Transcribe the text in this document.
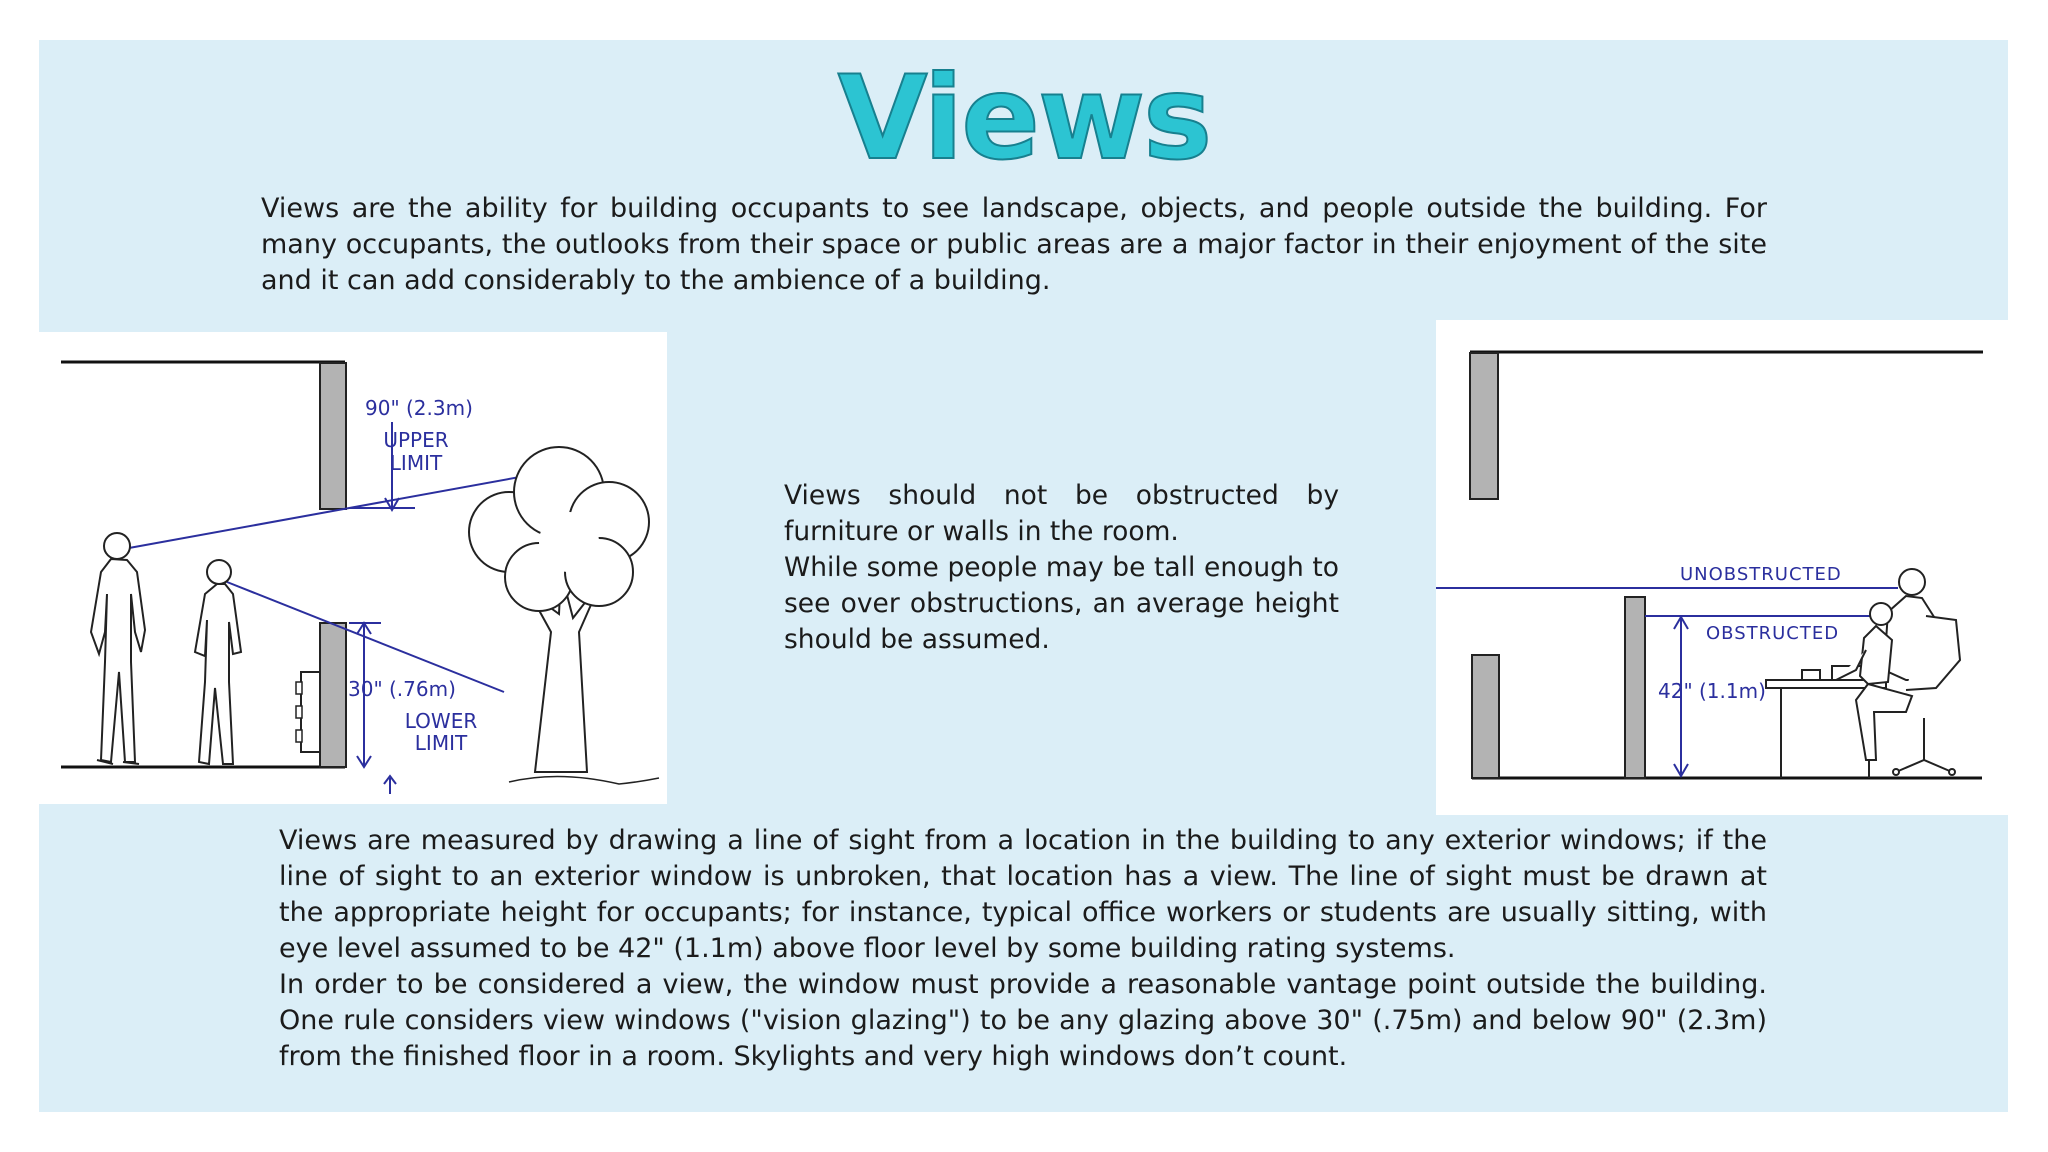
Views

Views are the ability for building occupants to see landscape, objects, and people outside the building. For many occupants, the outlooks from their space or public areas are a major factor in their enjoyment of the site and it can add considerably to the ambience of a building.

90" (2.3m)
UPPER
LIMIT
30" (.76m)
LOWER
LIMIT
Views should not be obstructed by furniture or walls in the room.
While some people may be tall enough to see over obstructions, an average height should be assumed.
UNOBSTRUCTED
OBSTRUCTED
42" (1.1m)
Views are measured by drawing a line of sight from a location in the building to any exterior windows; if the line of sight to an exterior window is unbroken, that location has a view. The line of sight must be drawn at the appropriate height for occupants; for instance, typical office workers or students are usually sitting, with eye level assumed to be 42" (1.1m) above floor level by some building rating systems.
In order to be considered a view, the window must provide a reasonable vantage point outside the building. One rule considers view windows ("vision glazing") to be any glazing above 30" (.75m) and below 90" (2.3m) from the finished floor in a room. Skylights and very high windows don’t count.
